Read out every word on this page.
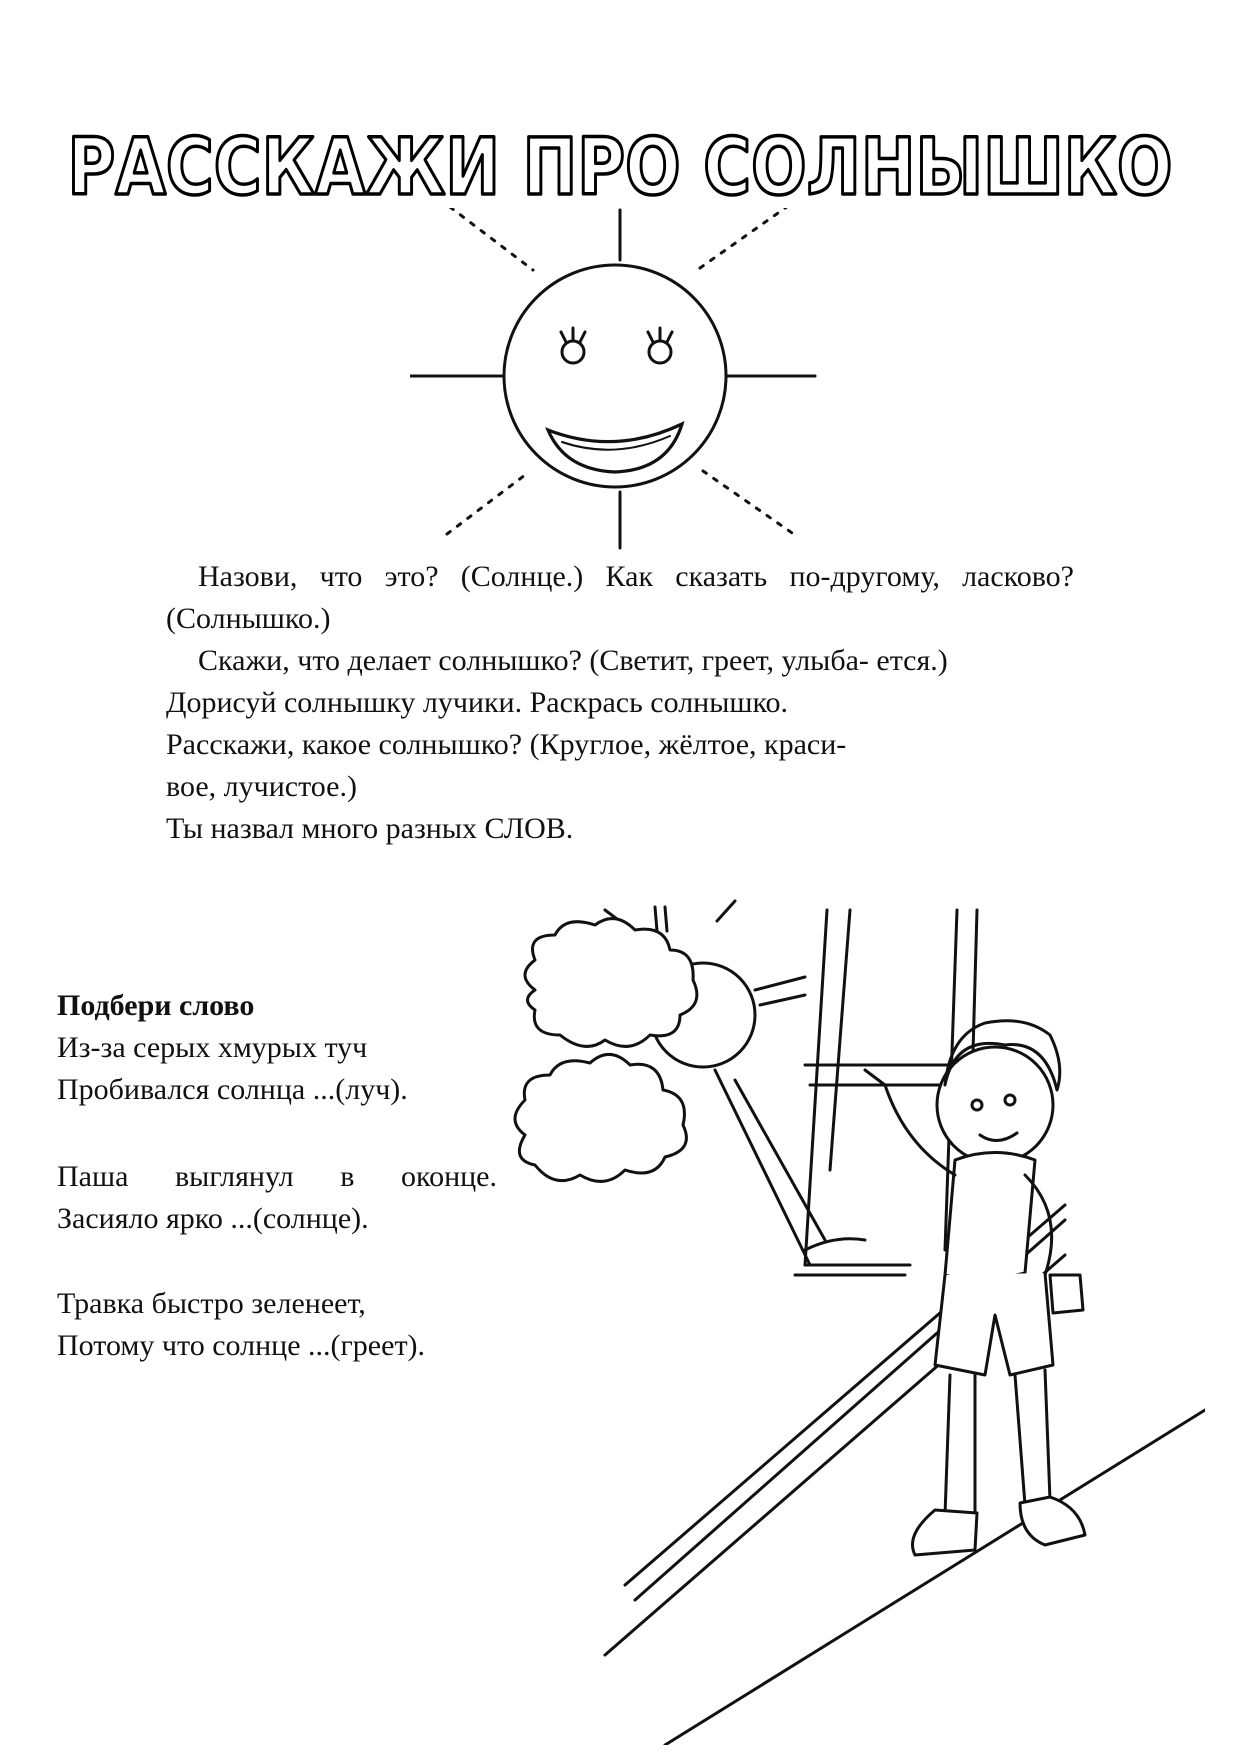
РАССКАЖИ ПРО СОЛНЫШКО

Назови, что это? (Солнце.) Как сказать по-другому, ласково? (Солнышко.)

Скажи, что делает солнышко? (Светит, греет, улыба- ется.)

Дорисуй солнышку лучики. Раскрась солнышко.

Расскажи, какое солнышко? (Круглое, жёлтое, краси-

вое, лучистое.)

Ты назвал много разных СЛОВ.

Подбери слово

Из-за серых хмурых туч

Пробивался солнца ...(луч).

Паша выглянул в оконце.

Засияло ярко ...(солнце).

Травка быстро зеленеет,

Потому что солнце ...(греет).
